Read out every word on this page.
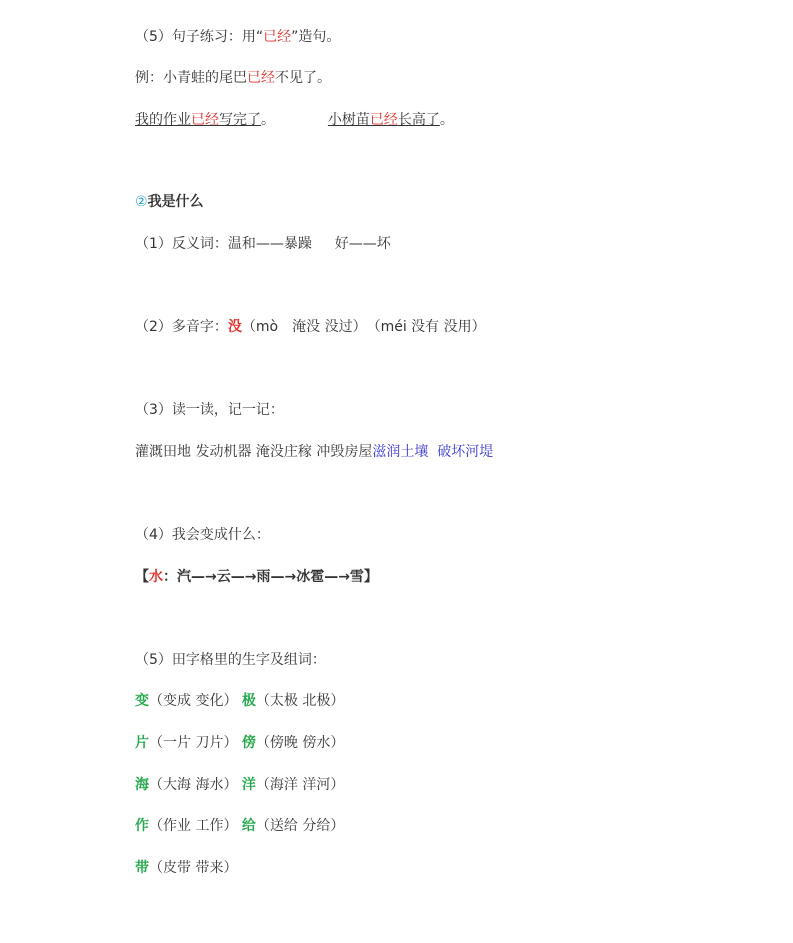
（5）句子练习：用“已经”造句。
例：小青蛙的尾巴已经不见了。
我的作业已经写完了。	小树苗已经长高了。
②我是什么
（1）反义词：温和——暴躁 　 好——坏
（2）多音字：没（mò　淹没 没过）　（méi 没有 没用）
（3）读一读，记一记：
灌溉田地 发动机器 淹没庄稼 冲毁房屋滋润土壤 破坏河堤
（4）我会变成什么：
【水：汽—→云—→雨—→冰雹—→雪】
（5）田字格里的生字及组词：
变（变成 变化） 极（太极 北极）
片（一片 刀片） 傍（傍晚 傍水）
海（大海 海水） 洋（海洋 洋河）
作（作业 工作） 给（送给 分给）
带（皮带 带来）
